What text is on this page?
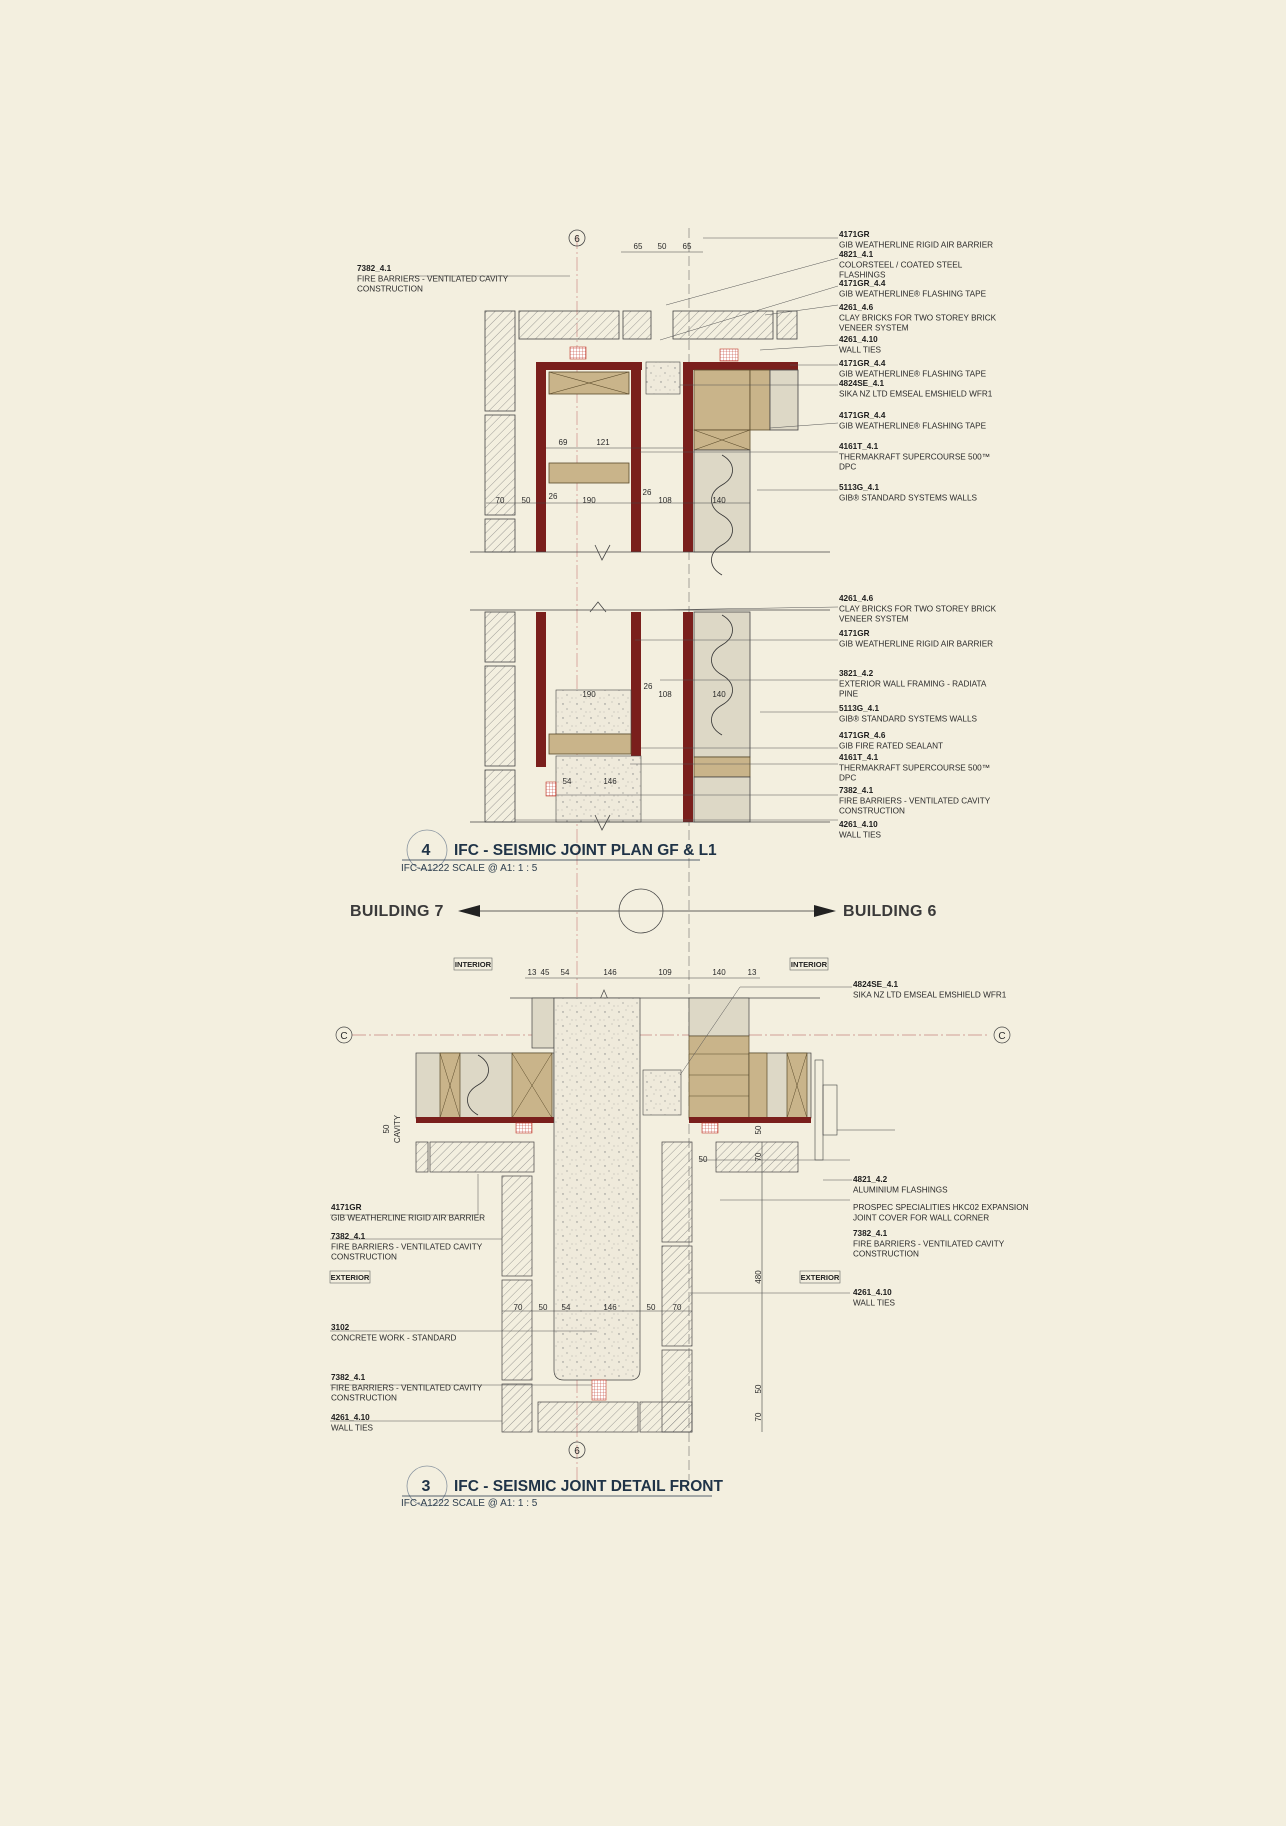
6
65 50 65
69	121
70 50 26	190
26
108	140
26
108	140
190
54	146
4171GR
GIB WEATHERLINE RIGID AIR BARRIER
4821_4.1
COLORSTEEL / COATED STEEL
FLASHINGS
4171GR_4.4
GIB WEATHERLINE® FLASHING TAPE
4261_4.6
CLAY BRICKS FOR TWO STOREY BRICK
VENEER SYSTEM
4261_4.10
WALL TIES
4171GR_4.4
GIB WEATHERLINE® FLASHING TAPE
4824SE_4.1
SIKA NZ LTD EMSEAL EMSHIELD WFR1
4171GR_4.4
GIB WEATHERLINE® FLASHING TAPE
4161T_4.1
THERMAKRAFT SUPERCOURSE 500™
DPC
5113G_4.1
GIB® STANDARD SYSTEMS WALLS
4261_4.6
CLAY BRICKS FOR TWO STOREY BRICK
VENEER SYSTEM
4171GR
GIB WEATHERLINE RIGID AIR BARRIER
3821_4.2
EXTERIOR WALL FRAMING - RADIATA
PINE
5113G_4.1
GIB® STANDARD SYSTEMS WALLS
4171GR_4.6
GIB FIRE RATED SEALANT
4161T_4.1
THERMAKRAFT SUPERCOURSE 500™
DPC
7382_4.1
FIRE BARRIERS - VENTILATED CAVITY
CONSTRUCTION
4261_4.10
WALL TIES
7382_4.1
FIRE BARRIERS - VENTILATED CAVITY
CONSTRUCTION
4 IFC - SEISMIC JOINT PLAN GF & L1
IFC-A1222 SCALE @ A1: 1 : 5
BUILDING 7	BUILDING 6
INTERIOR	INTERIOR
EXTERIOR	EXTERIOR
C	C
13 45 54	146	109	140	13
70 50 54	146	50 70
50	70
50
480
50
70
50 CAVITY
6
4171GR
GIB WEATHERLINE RIGID AIR BARRIER
7382_4.1
FIRE BARRIERS - VENTILATED CAVITY
CONSTRUCTION
3102
CONCRETE WORK - STANDARD
7382_4.1
FIRE BARRIERS - VENTILATED CAVITY
CONSTRUCTION
4261_4.10
WALL TIES
4824SE_4.1
SIKA NZ LTD EMSEAL EMSHIELD WFR1
4821_4.2
ALUMINIUM FLASHINGS
PROSPEC SPECIALITIES HKC02 EXPANSION
JOINT COVER FOR WALL CORNER
7382_4.1
FIRE BARRIERS - VENTILATED CAVITY
CONSTRUCTION
4261_4.10
WALL TIES
3 IFC - SEISMIC JOINT DETAIL FRONT
IFC-A1222 SCALE @ A1: 1 : 5
